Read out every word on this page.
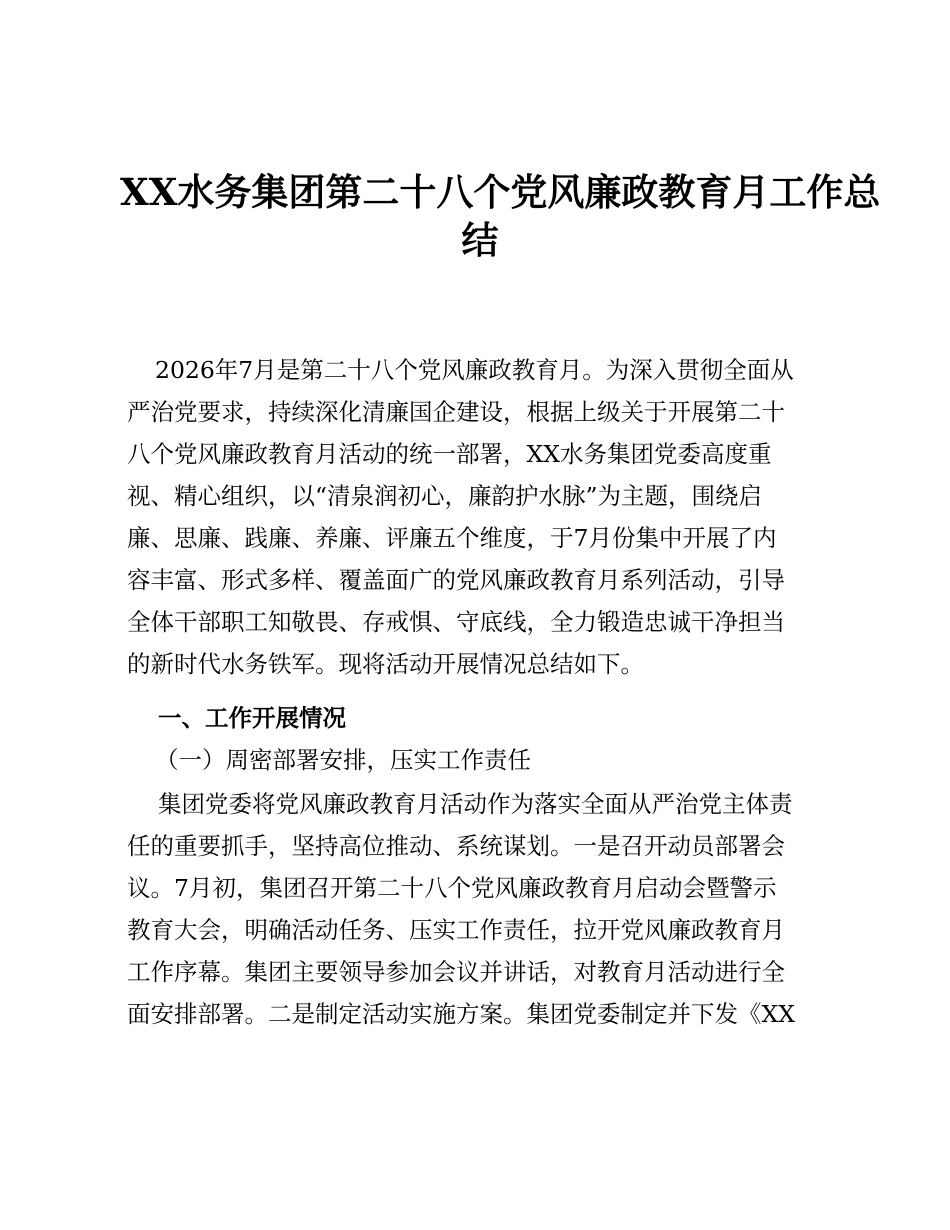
XX水务集团第二十八个党风廉政教育月工作总
结

2026年7月是第二十八个党风廉政教育月。为深入贯彻全面从

严治党要求，持续深化清廉国企建设，根据上级关于开展第二十

八个党风廉政教育月活动的统一部署，XX水务集团党委高度重

视、精心组织，以“清泉润初心，廉韵护水脉”为主题，围绕启

廉、思廉、践廉、养廉、评廉五个维度，于7月份集中开展了内

容丰富、形式多样、覆盖面广的党风廉政教育月系列活动，引导

全体干部职工知敬畏、存戒惧、守底线，全力锻造忠诚干净担当

的新时代水务铁军。现将活动开展情况总结如下。

一、工作开展情况

（一）周密部署安排，压实工作责任

集团党委将党风廉政教育月活动作为落实全面从严治党主体责

任的重要抓手，坚持高位推动、系统谋划。一是召开动员部署会

议。7月初，集团召开第二十八个党风廉政教育月启动会暨警示

教育大会，明确活动任务、压实工作责任，拉开党风廉政教育月

工作序幕。集团主要领导参加会议并讲话，对教育月活动进行全

面安排部署。二是制定活动实施方案。集团党委制定并下发《XX
